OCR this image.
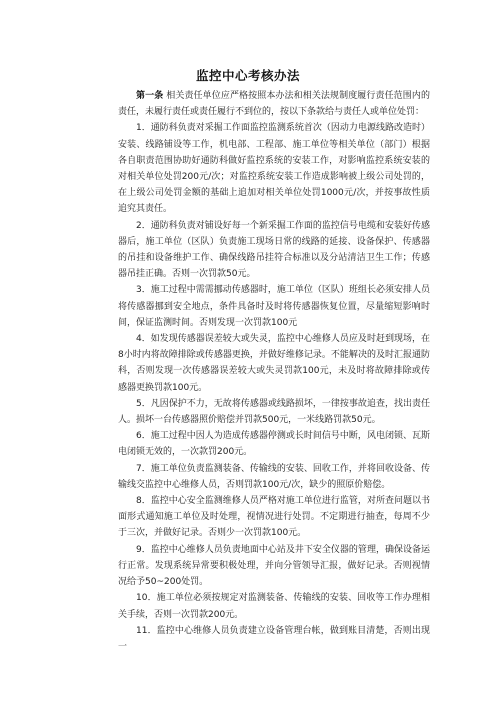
监控中心考核办法

第一条 相关责任单位应严格按照本办法和相关法规制度履行责任范围内的责任，未履行责任或责任履行不到位的，按以下条款给与责任人或单位处罚：

1．通防科负责对采掘工作面监控监测系统首次（因动力电源线路改造时）安装、线路铺设等工作，机电部、工程部、施工单位等相关单位（部门）根据各自职责范围协助好通防科做好监控系统的安装工作，对影响监控系统安装的对相关单位处罚200元/次；对监控系统安装工作造成影响被上级公司处罚的，在上级公司处罚金额的基础上追加对相关单位处罚1000元/次，并按事故性质追究其责任。

2．通防科负责对铺设好每一个新采掘工作面的监控信号电缆和安装好传感器后，施工单位（区队）负责施工现场日常的线路的延接、设备保护、传感器的吊挂和设备维护工作、确保线路吊挂符合标准以及分站清洁卫生工作；传感器吊挂正确。否则一次罚款50元。

3．施工过程中需需挪动传感器时，施工单位（区队）班组长必须安排人员将传感器挪到安全地点，条件具备时及时将传感器恢复位置，尽量缩短影响时间，保证监测时间。否则发现一次罚款100元

4．如发现传感器误差较大或失灵，监控中心维修人员应及时赶到现场，在8小时内将故障排除或传感器更换，并做好维修记录。不能解决的及时汇报通防科，否则发现一次传感器误差较大或失灵罚款100元，未及时将故障排除或传感器更换罚款100元。

5．凡因保护不力，无故将传感器或线路损坏，一律按事故追查，找出责任人。损坏一台传感器照价赔偿并罚款500元，一米线路罚款50元。

6．施工过程中因人为造成传感器停测或长时间信号中断，风电闭锁、瓦斯电闭锁无效的，一次款罚200元。

7．施工单位负责监测装备、传输线的安装、回收工作，并将回收设备、传输线交监控中心维修人员，否则罚款100元/次，缺少的照原价赔偿。

8．监控中心安全监测维修人员严格对施工单位进行监管，对所查问题以书面形式通知施工单位及时处理，视情况进行处罚。不定期进行抽查，每周不少于三次，并做好记录。否则少一次罚款100元。

9．监控中心维修人员负责地面中心站及井下安全仪器的管理，确保设备运行正常。发现系统异常要积极处理，并向分管领导汇报，做好记录。否则视情况给予50~200处罚。

10．施工单位必须按规定对监测装备、传输线的安装、回收等工作办理相关手续，否则一次罚款200元。

11．监控中心维修人员负责建立设备管理台帐，做到账目清楚，否则出现一
